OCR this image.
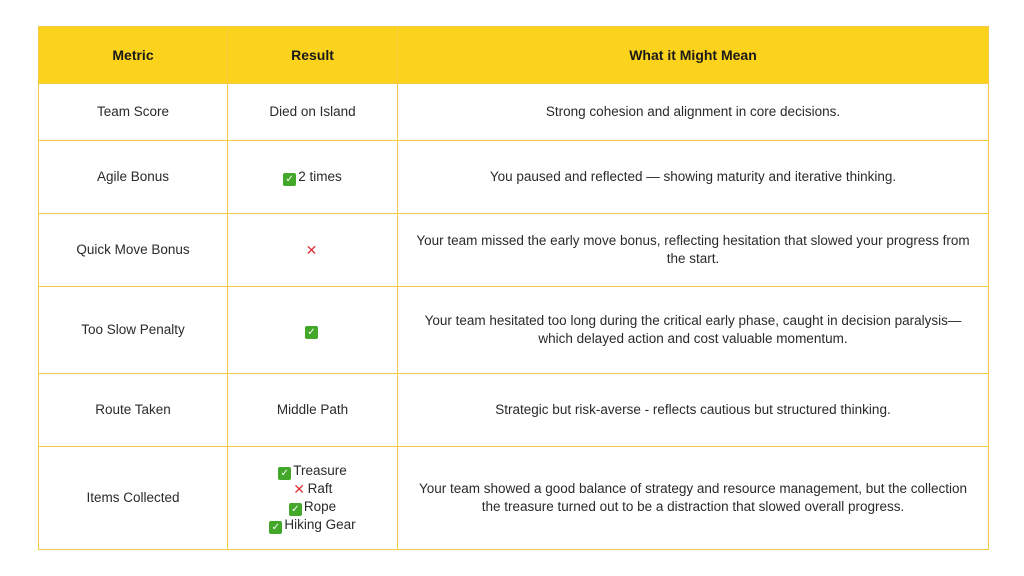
Metric	Result	What it Might Mean
Team Score	Died on Island	Strong cohesion and alignment in core decisions.
Agile Bonus	✓ 2 times	You paused and reflected — showing maturity and iterative thinking.
Quick Move Bonus	✕	Your team missed the early move bonus, reflecting hesitation that slowed your progress from the start.
Too Slow Penalty	✓	Your team hesitated too long during the critical early phase, caught in decision paralysis—which delayed action and cost valuable momentum.
Route Taken	Middle Path	Strategic but risk-averse - reflects cautious but structured thinking.
Items Collected	✓ Treasure
✕ Raft
✓ Rope
✓ Hiking Gear	Your team showed a good balance of strategy and resource management, but the collection the treasure turned out to be a distraction that slowed overall progress.
